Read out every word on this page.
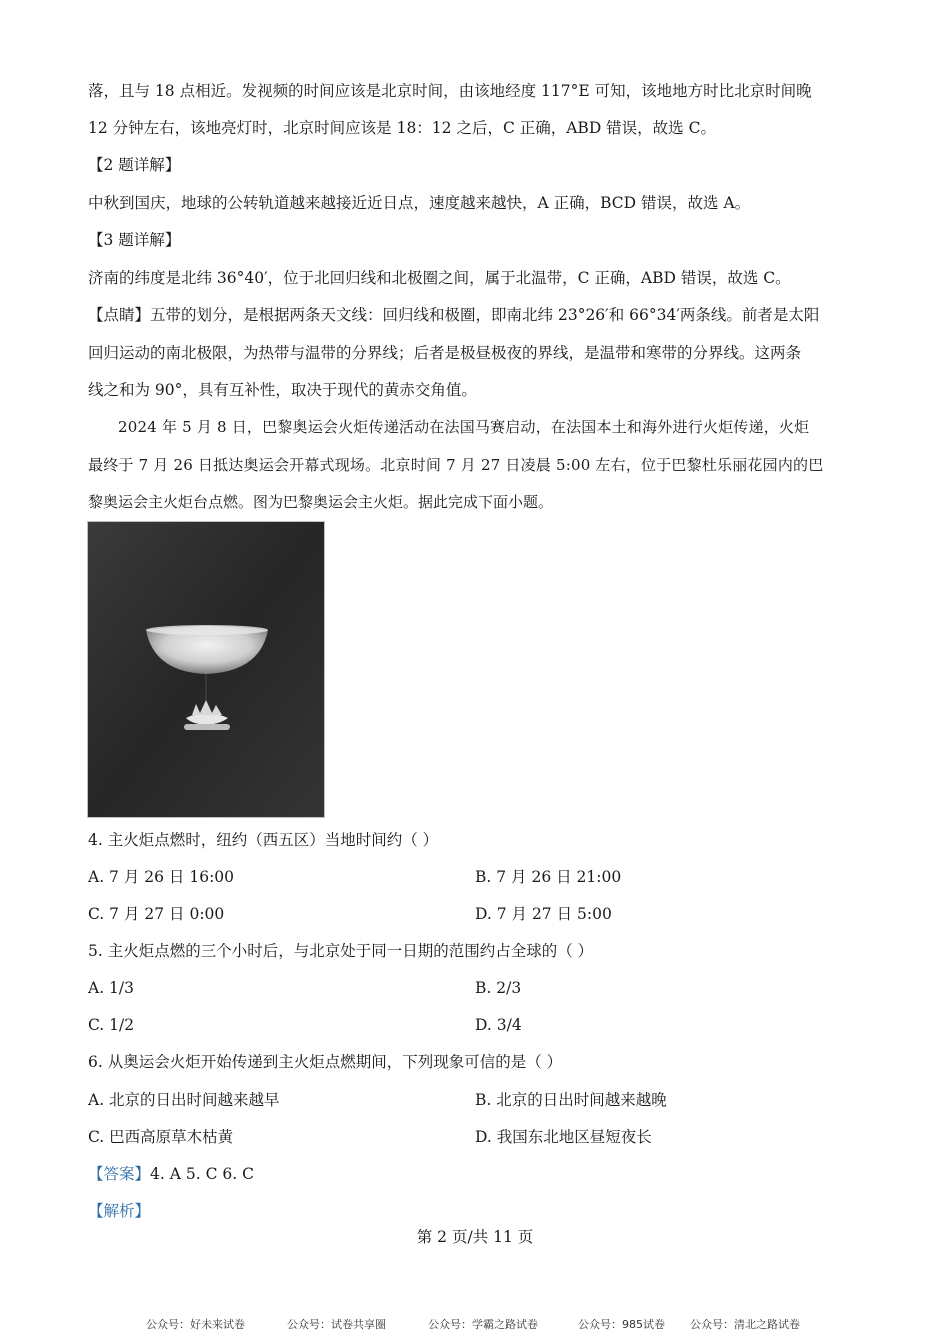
落，且与 18 点相近。发视频的时间应该是北京时间，由该地经度 117°E 可知，该地地方时比北京时间晚
12 分钟左右，该地亮灯时，北京时间应该是 18：12 之后，C 正确，ABD 错误，故选 C。
【2 题详解】
中秋到国庆，地球的公转轨道越来越接近近日点，速度越来越快，A 正确，BCD 错误，故选 A。
【3 题详解】
济南的纬度是北纬 36°40′，位于北回归线和北极圈之间，属于北温带，C 正确，ABD 错误，故选 C。
【点睛】五带的划分，是根据两条天文线：回归线和极圈，即南北纬 23°26′和 66°34′两条线。前者是太阳
回归运动的南北极限，为热带与温带的分界线；后者是极昼极夜的界线，是温带和寒带的分界线。这两条
线之和为 90°，具有互补性，取决于现代的黄赤交角值。
2024 年 5 月 8 日，巴黎奥运会火炬传递活动在法国马赛启动，在法国本土和海外进行火炬传递，火炬
最终于 7 月 26 日抵达奥运会开幕式现场。北京时间 7 月 27 日凌晨 5:00 左右，位于巴黎杜乐丽花园内的巴
黎奥运会主火炬台点燃。图为巴黎奥运会主火炬。据此完成下面小题。
4. 主火炬点燃时，纽约（西五区）当地时间约（ ）
A. 7 月 26 日 16:00	B. 7 月 26 日 21:00
C. 7 月 27 日 0:00	D. 7 月 27 日 5:00
5. 主火炬点燃的三个小时后，与北京处于同一日期的范围约占全球的（ ）
A. 1/3	B. 2/3
C. 1/2	D. 3/4
6. 从奥运会火炬开始传递到主火炬点燃期间，下列现象可信的是（ ）
A. 北京的日出时间越来越早	B. 北京的日出时间越来越晚
C. 巴西高原草木枯黄	D. 我国东北地区昼短夜长
【答案】4. A 5. C 6. C
【解析】
第 2 页/共 11 页
公众号：好未来试卷	公众号：试卷共享圈	公众号：学霸之路试卷	公众号：985试卷 公众号：清北之路试卷
